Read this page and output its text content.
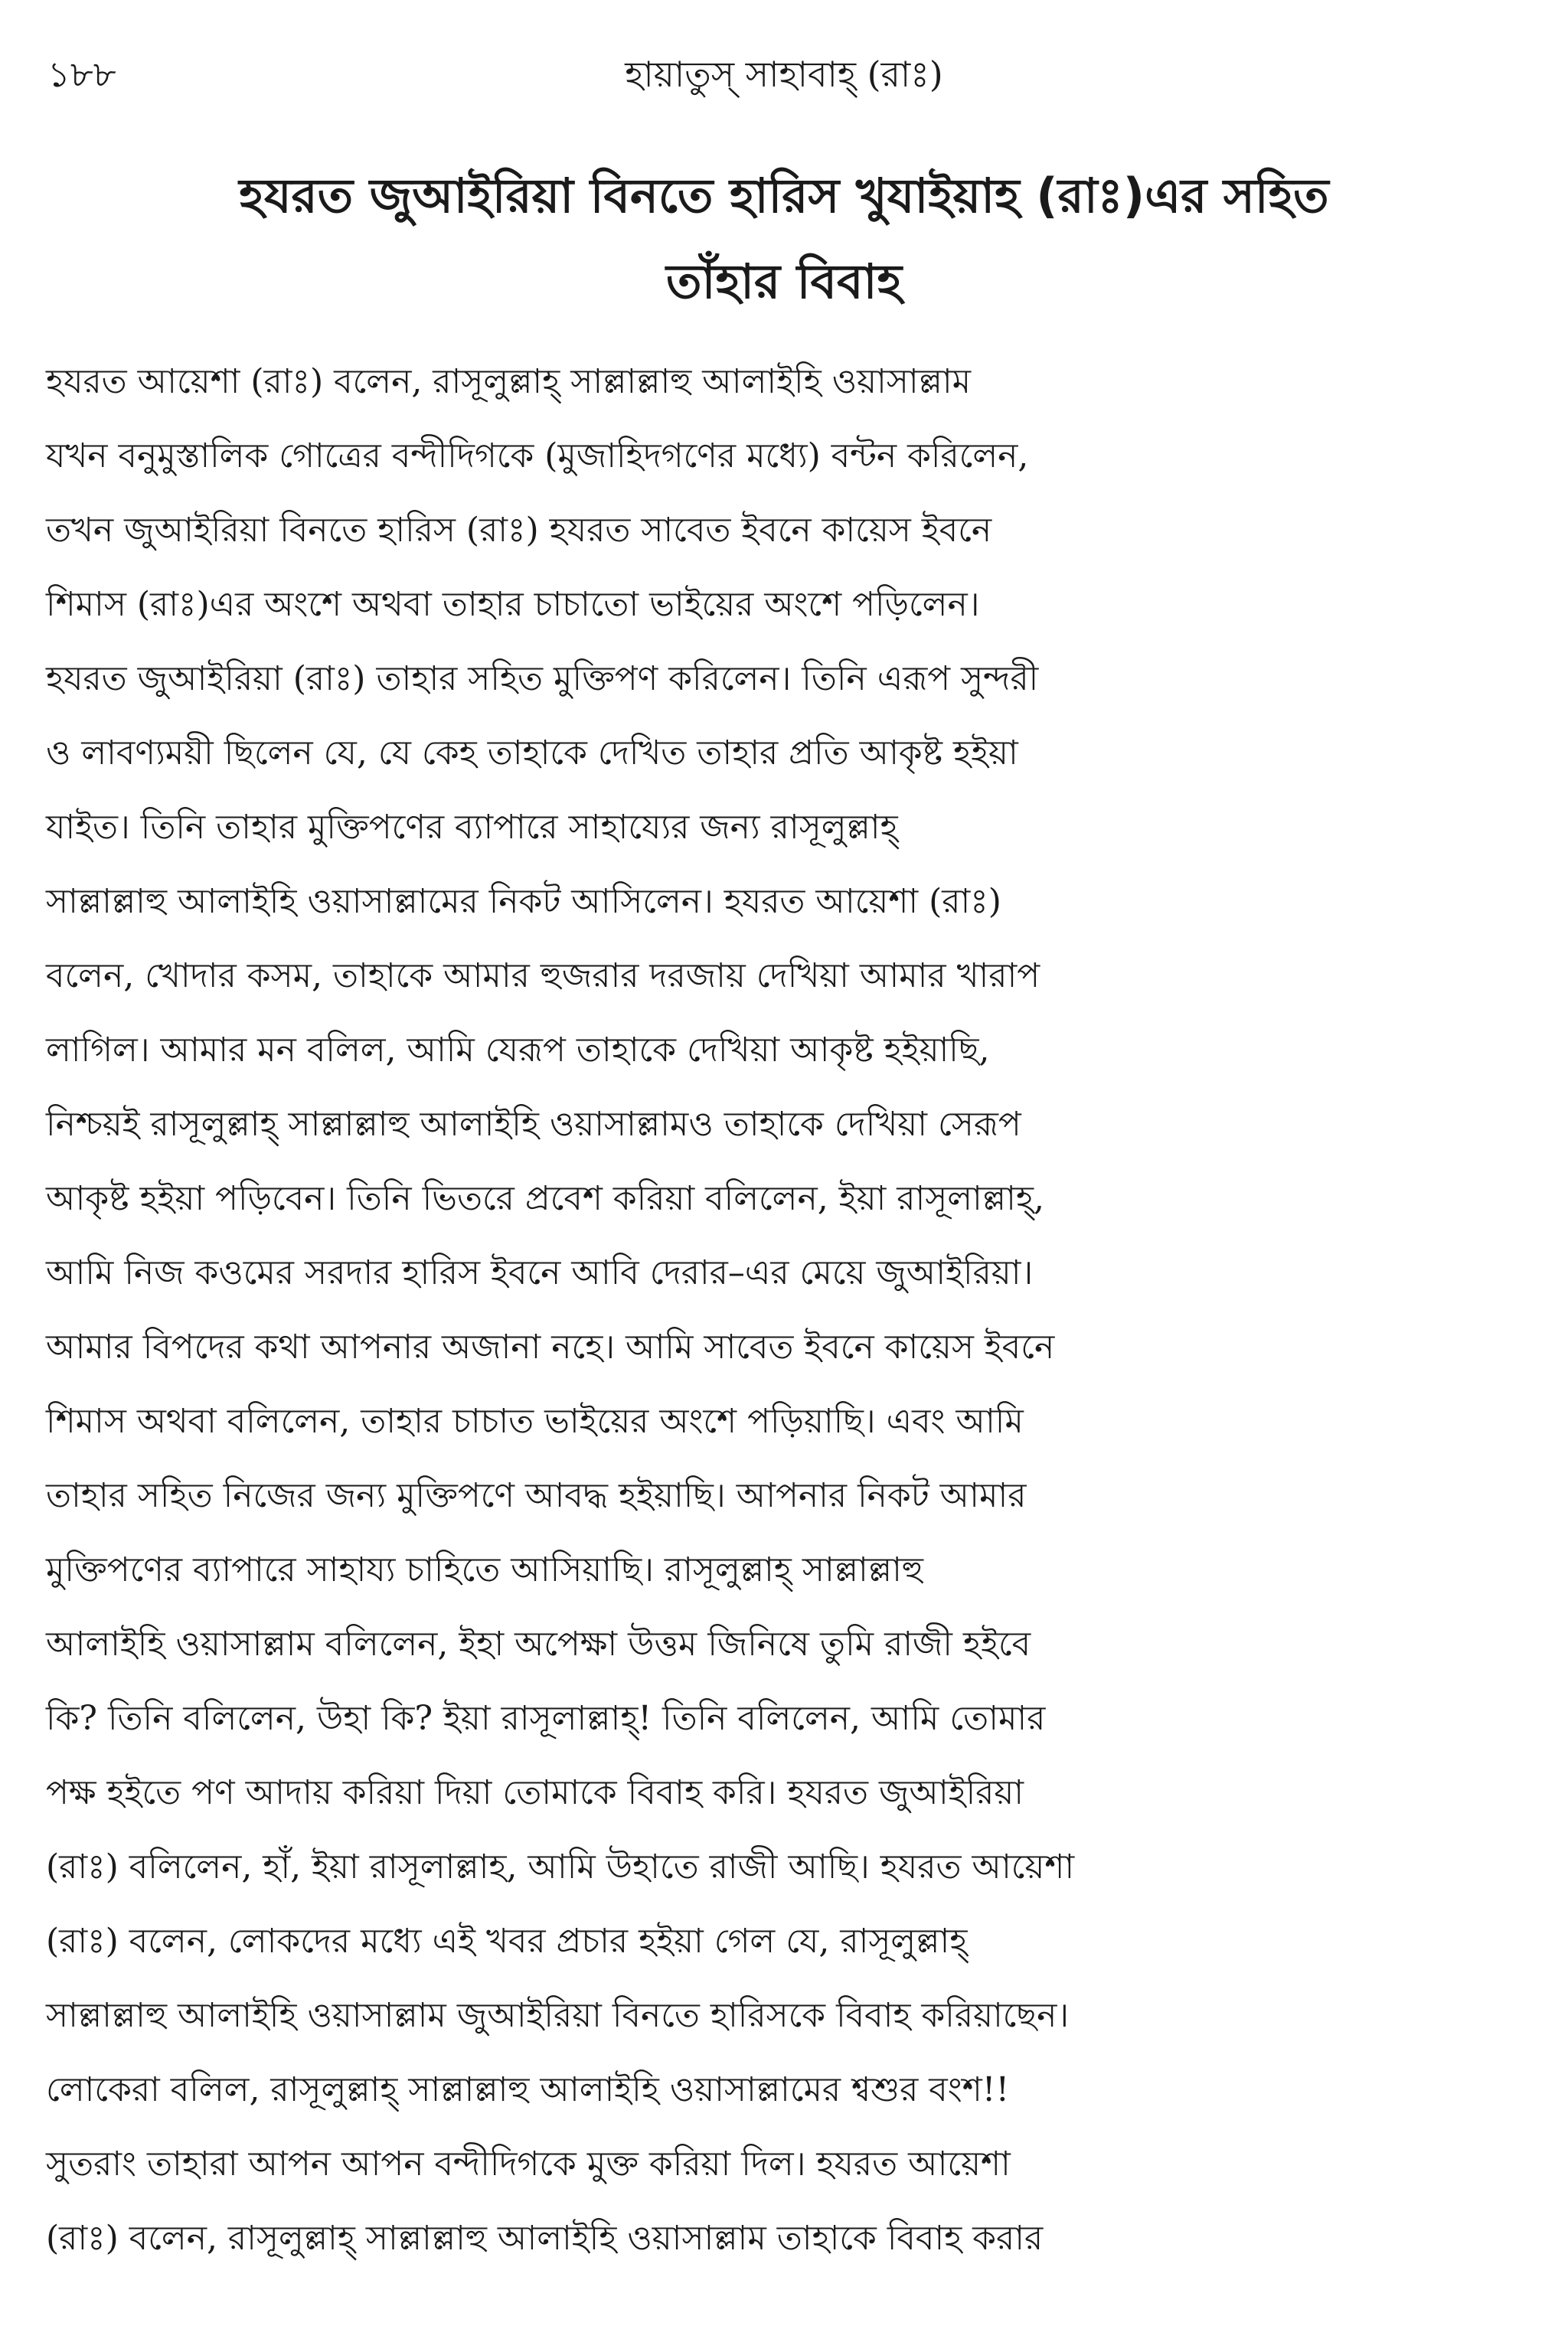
১৮৮	হায়াতুস্ সাহাবাহ্ (রাঃ)
হযরত জুআইরিয়া বিনতে হারিস খুযাইয়াহ (রাঃ)এর সহিত
তাঁহার বিবাহ
হযরত আয়েশা (রাঃ) বলেন, রাসূলুল্লাহ্ সাল্লাল্লাহু আলাইহি ওয়াসাল্লাম
যখন বনুমুস্তালিক গোত্রের বন্দীদিগকে (মুজাহিদগণের মধ্যে) বন্টন করিলেন,
তখন জুআইরিয়া বিনতে হারিস (রাঃ) হযরত সাবেত ইবনে কায়েস ইবনে
শিমাস (রাঃ)এর অংশে অথবা তাহার চাচাতো ভাইয়ের অংশে পড়িলেন।
হযরত জুআইরিয়া (রাঃ) তাহার সহিত মুক্তিপণ করিলেন। তিনি এরূপ সুন্দরী
ও লাবণ্যময়ী ছিলেন যে, যে কেহ তাহাকে দেখিত তাহার প্রতি আকৃষ্ট হইয়া
যাইত। তিনি তাহার মুক্তিপণের ব্যাপারে সাহায্যের জন্য রাসূলুল্লাহ্
সাল্লাল্লাহু আলাইহি ওয়াসাল্লামের নিকট আসিলেন। হযরত আয়েশা (রাঃ)
বলেন, খোদার কসম, তাহাকে আমার হুজরার দরজায় দেখিয়া আমার খারাপ
লাগিল। আমার মন বলিল, আমি যেরূপ তাহাকে দেখিয়া আকৃষ্ট হইয়াছি,
নিশ্চয়ই রাসূলুল্লাহ্ সাল্লাল্লাহু আলাইহি ওয়াসাল্লামও তাহাকে দেখিয়া সেরূপ
আকৃষ্ট হইয়া পড়িবেন। তিনি ভিতরে প্রবেশ করিয়া বলিলেন, ইয়া রাসূলাল্লাহ্,
আমি নিজ কওমের সরদার হারিস ইবনে আবি দেরার–এর মেয়ে জুআইরিয়া।
আমার বিপদের কথা আপনার অজানা নহে। আমি সাবেত ইবনে কায়েস ইবনে
শিমাস অথবা বলিলেন, তাহার চাচাত ভাইয়ের অংশে পড়িয়াছি। এবং আমি
তাহার সহিত নিজের জন্য মুক্তিপণে আবদ্ধ হইয়াছি। আপনার নিকট আমার
মুক্তিপণের ব্যাপারে সাহায্য চাহিতে আসিয়াছি। রাসূলুল্লাহ্ সাল্লাল্লাহু
আলাইহি ওয়াসাল্লাম বলিলেন, ইহা অপেক্ষা উত্তম জিনিষে তুমি রাজী হইবে
কি? তিনি বলিলেন, উহা কি? ইয়া রাসূলাল্লাহ্! তিনি বলিলেন, আমি তোমার
পক্ষ হইতে পণ আদায় করিয়া দিয়া তোমাকে বিবাহ করি। হযরত জুআইরিয়া
(রাঃ) বলিলেন, হাঁ, ইয়া রাসূলাল্লাহ, আমি উহাতে রাজী আছি। হযরত আয়েশা
(রাঃ) বলেন, লোকদের মধ্যে এই খবর প্রচার হইয়া গেল যে, রাসূলুল্লাহ্
সাল্লাল্লাহু আলাইহি ওয়াসাল্লাম জুআইরিয়া বিনতে হারিসকে বিবাহ করিয়াছেন।
লোকেরা বলিল, রাসূলুল্লাহ্ সাল্লাল্লাহু আলাইহি ওয়াসাল্লামের শ্বশুর বংশ!!
সুতরাং তাহারা আপন আপন বন্দীদিগকে মুক্ত করিয়া দিল। হযরত আয়েশা
(রাঃ) বলেন, রাসূলুল্লাহ্ সাল্লাল্লাহু আলাইহি ওয়াসাল্লাম তাহাকে বিবাহ করার
